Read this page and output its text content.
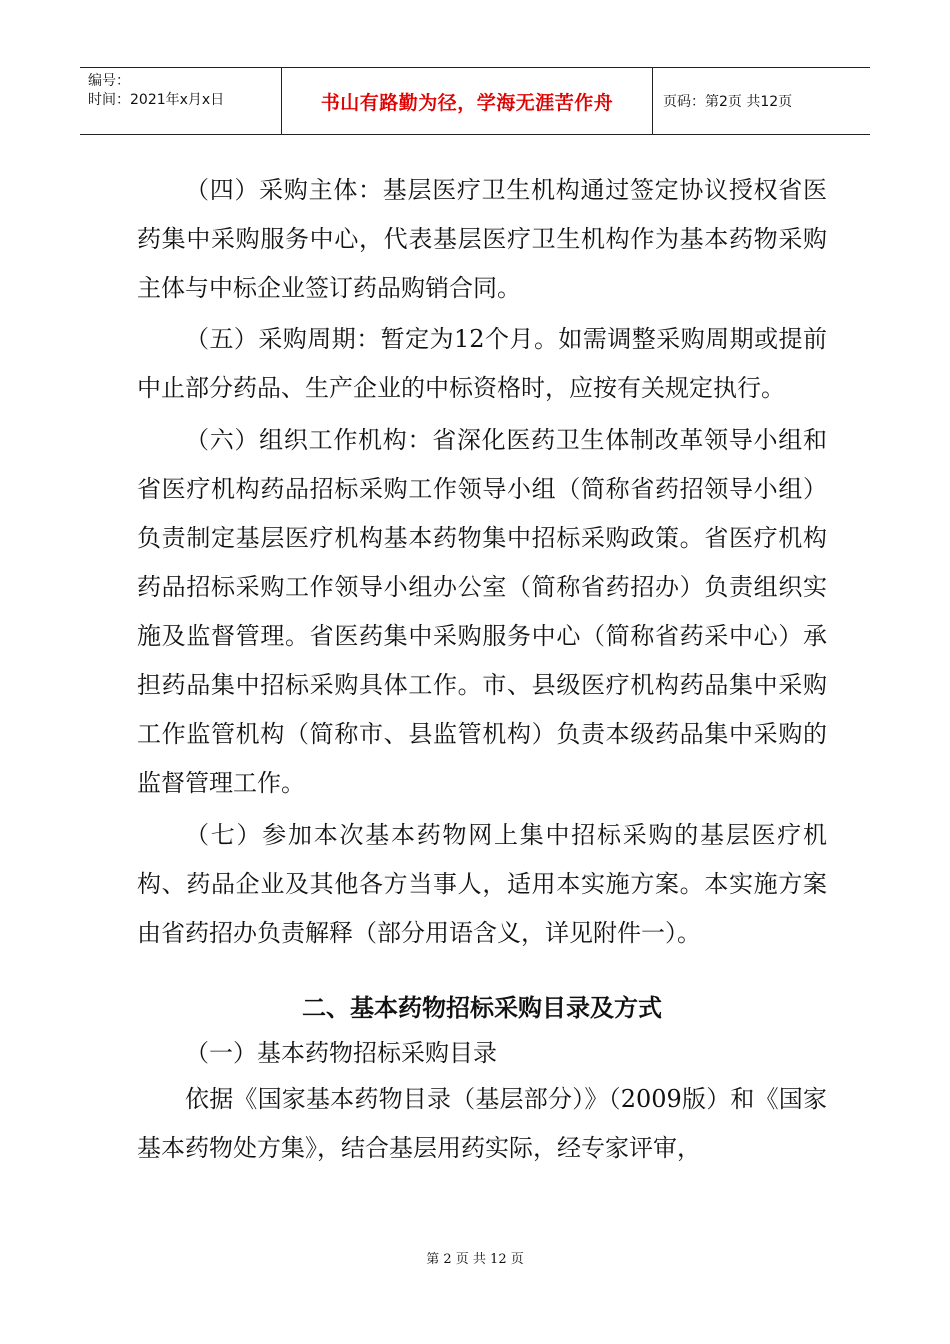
编号：
时间：2021年x月x日	书山有路勤为径，学海无涯苦作舟	页码：第2页 共12页

（四）采购主体：基层医疗卫生机构通过签定协议授权省医药集中采购服务中心，代表基层医疗卫生机构作为基本药物采购主体与中标企业签订药品购销合同。

（五）采购周期：暂定为12个月。如需调整采购周期或提前中止部分药品、生产企业的中标资格时，应按有关规定执行。

（六）组织工作机构：省深化医药卫生体制改革领导小组和省医疗机构药品招标采购工作领导小组（简称省药招领导小组）负责制定基层医疗机构基本药物集中招标采购政策。省医疗机构药品招标采购工作领导小组办公室（简称省药招办）负责组织实施及监督管理。省医药集中采购服务中心（简称省药采中心）承担药品集中招标采购具体工作。市、县级医疗机构药品集中采购工作监管机构（简称市、县监管机构）负责本级药品集中采购的监督管理工作。

（七）参加本次基本药物网上集中招标采购的基层医疗机构、药品企业及其他各方当事人，适用本实施方案。本实施方案由省药招办负责解释（部分用语含义，详见附件一）。

二、基本药物招标采购目录及方式

（一）基本药物招标采购目录

依据《国家基本药物目录（基层部分）》（2009版）和《国家基本药物处方集》，结合基层用药实际，经专家评审，

第 2 页 共 12 页
